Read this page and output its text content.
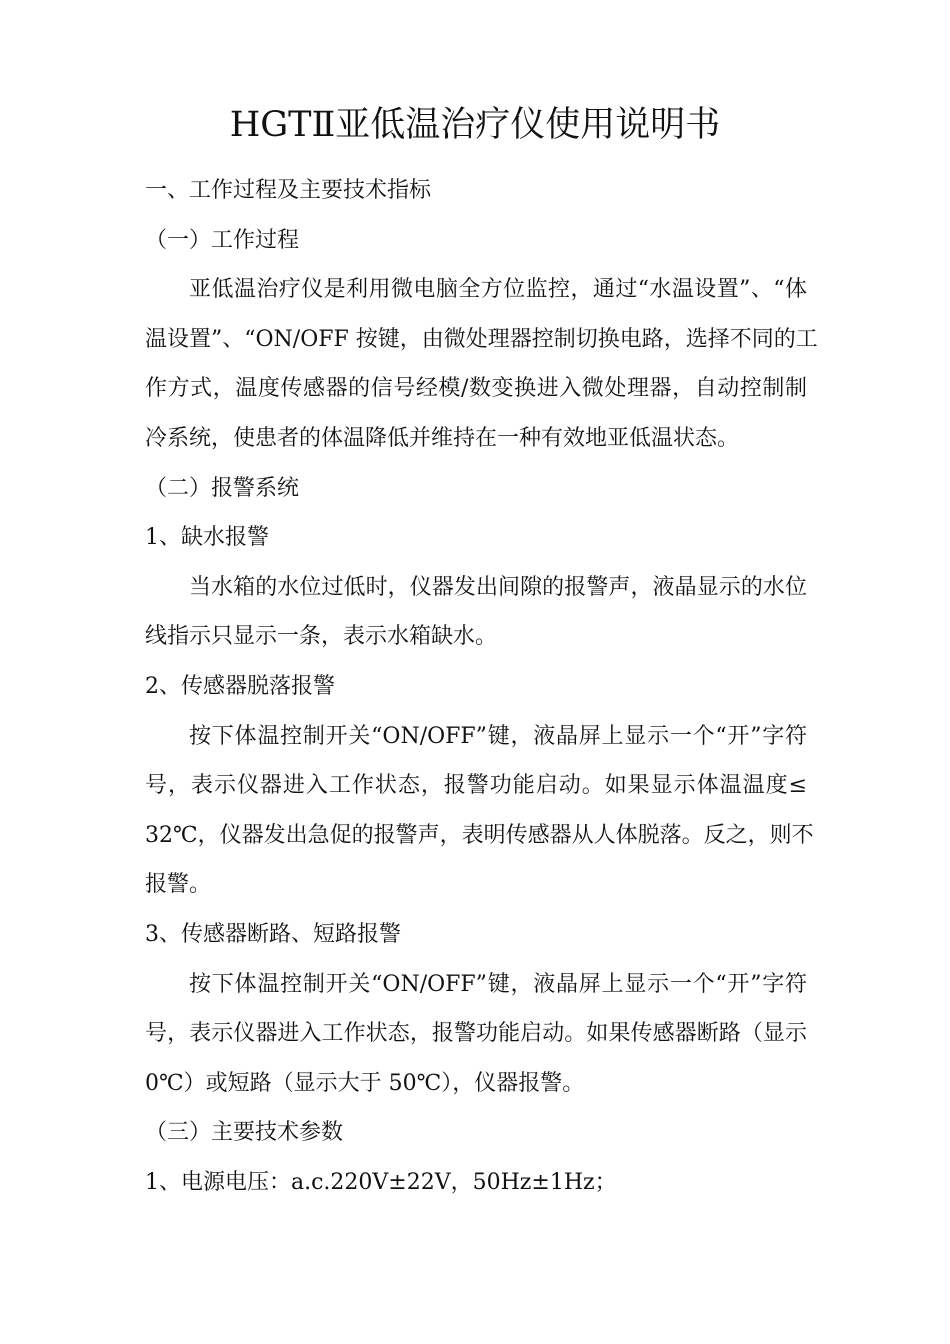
HGTⅡ亚低温治疗仪使用说明书
一、工作过程及主要技术指标
（一）工作过程
亚低温治疗仪是利用微电脑全方位监控，通过“水温设置”、“体
温设置”、“ON/OFF 按键，由微处理器控制切换电路，选择不同的工
作方式，温度传感器的信号经模/数变换进入微处理器，自动控制制
冷系统，使患者的体温降低并维持在一种有效地亚低温状态。
（二）报警系统
1、缺水报警
当水箱的水位过低时，仪器发出间隙的报警声，液晶显示的水位
线指示只显示一条，表示水箱缺水。
2、传感器脱落报警
按下体温控制开关“ON/OFF”键，液晶屏上显示一个“开”字符
号，表示仪器进入工作状态，报警功能启动。如果显示体温温度≤
32℃，仪器发出急促的报警声，表明传感器从人体脱落。反之，则不
报警。
3、传感器断路、短路报警
按下体温控制开关“ON/OFF”键，液晶屏上显示一个“开”字符
号，表示仪器进入工作状态，报警功能启动。如果传感器断路（显示
0℃）或短路（显示大于 50℃），仪器报警。
（三）主要技术参数
1、电源电压：a.c.220V±22V，50Hz±1Hz；
